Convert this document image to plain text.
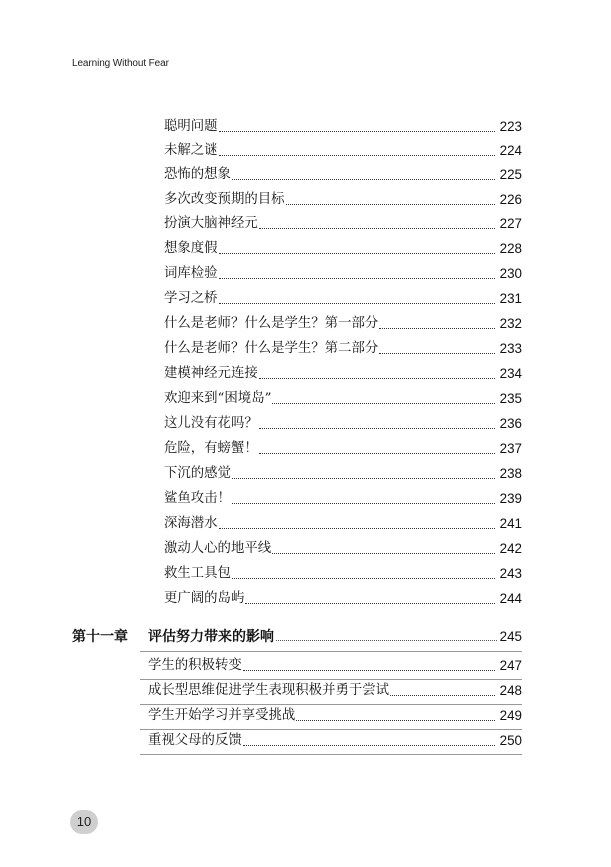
Learning Without Fear
聪明问题	223
未解之谜	224
恐怖的想象	225
多次改变预期的目标	226
扮演大脑神经元	227
想象度假	228
词库检验	230
学习之桥	231
什么是老师？什么是学生？第一部分	232
什么是老师？什么是学生？第二部分	233
建模神经元连接	234
欢迎来到“困境岛”	235
这儿没有花吗？	236
危险，有螃蟹！	237
下沉的感觉	238
鲨鱼攻击！	239
深海潜水	241
激动人心的地平线	242
救生工具包	243
更广阔的岛屿	244
第十一章	评估努力带来的影响	245
学生的积极转变	247
成长型思维促进学生表现积极并勇于尝试	248
学生开始学习并享受挑战	249
重视父母的反馈	250
10
